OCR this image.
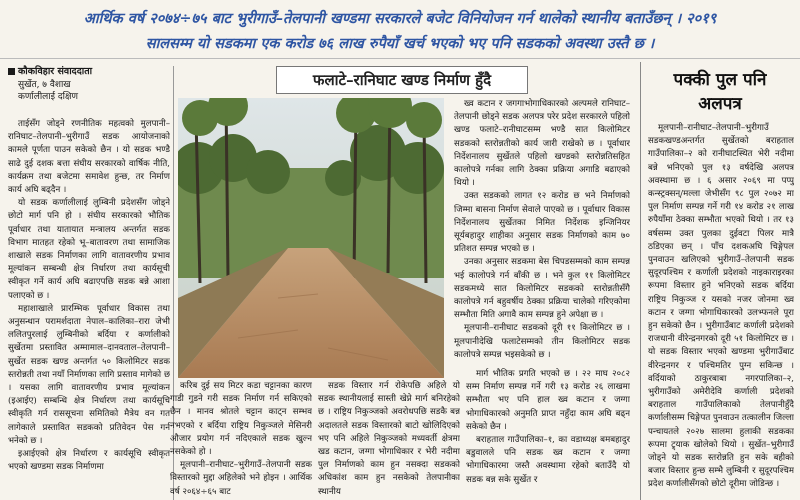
आर्थिक वर्ष २०७४÷७५ बाट भुरीगाउँ–तेलपानी खण्डमा सरकारले बजेट विनियोजन गर्न थालेको स्थानीय बताउँछन् । २०१९
सालसम्म यो सडकमा एक करोड ७६ लाख रुपैयाँ खर्च भएको भए पनि सडकको अवस्था उस्तै छ ।
कौकविहार संवाददाता
सुर्खेत, ७ वैशाख
कर्णालीलाई दक्षिण

ताईसँग जोड्ने रणनीतिक महत्वको मुलपानी–रानिघाट–तेलपानी–भुरीगाउँ सडक आयोजनाको कामले पूर्णता पाउन सकेको छैन । यो सडक भण्डै साढे दुई दशक बत्ता संघीय सरकारको वार्षिक नीति, कार्यक्रम तथा बजेटमा समावेश हुन्छ, तर निर्माण कार्य अघि बढ्दैन ।

यो सडक कर्णालीलाई लुम्बिनी प्रदेशसँग जोड्ने छोटो मार्ग पनि हो । संघीय सरकारको भौतिक पूर्वाधार तथा यातायात मन्त्रालय अन्तर्गत सडक विभाग मातहत रहेको भू–बातावरण तथा सामाजिक शाखाले सडक निर्माणका लागि वातावरणीय प्रभाव मूल्यांकन सम्बन्धी क्षेत्र निर्धारण तथा कार्यसूची स्वीकृत गर्ने कार्य अघि बढाएपछि सडक बन्ने आशा पलाएको छ ।

महाशाखाले प्रारम्भिक पूर्वाधार विकास तथा अनुसन्धान परामर्शदाता नेपाल–कालिका–रारा जेभी ललितपुरलाई लुम्बिनीको बर्दिया र कर्णालीको सुर्खेतमा प्रस्तावित अम्मामाल–दानवताल–तेलपानी–सुर्खेत सडक खण्ड अन्तर्गत ५० किलोमिटर सडक स्तरोन्नती तथा नयाँ निर्माणका लागि प्रस्ताव मागेको छ । यसका लागि वातावरणीय प्रभाव मूल्यांकन (इआईए) सम्बन्धि क्षेत्र निर्धारण तथा कार्यसूचि स्वीकृति गर्न राससूचना समितिको मैत्रेय वन गत लागेकाले प्रस्तावित सडकको प्रतिवेदन पेस गर्न भनेको छ ।

इआईएको क्षेत्र निर्धारण र कार्यसूचि स्वीकृत भएको खण्डमा सडक निर्माणमा

फलाटे–रानिघाट खण्ड निर्माण हुँदै

ख्व कटान र जगगाभोगाधिकारको अल्पमले रानिघाट–तेलपानी छोड्ने सडक अलपत्र परेर प्रदेश सरकारले पहिलो खण्ड फलाटे–रानीघाटसम्म भण्डै सात किलोमिटर सडकको स्तरोन्नतीको कार्य जारी राखेको छ । पूर्वाधार निर्देशनालय सुर्खेतले पहिलो खण्डको स्तरोन्नतिसहित कालोपत्रे गर्नका लागि ठेक्का प्रक्रिया अगाडि बढाएको थियो ।

उक्त सडकको लागत १२ करोड छ भने निर्माणको जिम्मा बासना निर्माण सेवाले पाएको छ । पूर्वाधार विकास निर्देशनालय सुर्खेतका निमित निर्देशक इन्जिनियर सूर्यबहादुर शाहीका अनुसार सडक निर्माणको काम ७० प्रतिशत सम्पन्न भएको छ ।

उनका अनुसार सडकमा बेस चिपडसम्मको काम सम्पन्न भई कालोपत्रे गर्न बाँकी छ । भने कुल ११ किलोमिटर सडकमध्ये सात किलोमिटर सडकको स्तरोन्नतीसँगै कालोपत्रे गर्न बहुवर्षीय ठेक्का प्रक्रिया चालेको गरिएकोमा सम्भौता मिति अगावै काम सम्पन्न हुने अपेक्षा छ ।

मूलपानी–रानीघाट सडकको दूरी ११ किलोमिटर छ । मूलपानीदेखि फलाटेसम्मको तीन किलोमिटर सडक कालोपत्रे सम्पन्न भइसकेको छ ।

करिब दुई सय मिटर कडा चट्टानका कारण गाडी गुडने गरी सडक निर्माण गर्न सकिएको छैन । मानव श्रोतले चट्टान काट्न सम्भव नभएको र बर्दिया राष्ट्रिय निकुञ्जले मेसिनरी औजार प्रयोग गर्न नदिएकाले सडक खुल्न नसकेको हो ।

मूलपानी–रानीघाट–भुरीगाउँ–तेलपानी सडक विस्तारको मुद्दा अहिलेको भने होइन । आर्थिक वर्ष २०६४÷६५ बाट

सडक विस्तार गर्न रोकेपछि अहिले यो सडक स्थानीयलाई सास्ती खेप्ने मार्ग बनिरहेको छ । राष्ट्रिय निकुञ्जको अवरोधपछि सडकै बन्न अदालतले सडक विस्तारको बाटो खोलिदिएको भए पनि अहिले निकुञ्जको मध्यवर्ती क्षेत्रमा खड कटान, जग्गा भोगाधिकार र भेरी नदीमा पुल निर्माणको काम हुन नसक्दा सडकको अधिकांश काम हुन नसकेको तेलपानीका स्थानीय

मार्ग भौतिक प्रगति भएको छ । २२ माघ २०८२ सम्म निर्माण सम्पन्न गर्ने गरी १३ करोड २६ लाखमा सम्भौता भए पनि हाल ख्व कटान र जग्गा भोगाधिकारको अनुमति प्राप्त नहुँदा काम अघि बढ्न सकेको छैन ।

बराहताल गाउँपालिका–१, का वडाध्यक्ष बमबहादुर बडुवालले पनि सडक ख्व कटान र जग्गा भोगाधिकारमा जस्तै अवस्थामा रहेको बताउँदै यो सडक बन्न सके सुर्खेत र

पक्की पुल पनि
अलपत्र

मूलपानी–रानीघाट–तेलपानी–भुरीगाउँ सडकखण्डअन्तर्गत सुर्खेतको बराहताल गाउँपालिका–२ को रानीघाटस्थित भेरी नदीमा बन्ने भनिएको पुल १३ वर्षदेखि अलपत्र अवस्थामा छ । ६ असार २०६९ मा पप्पु कन्स्ट्रक्सन्/मल्ला जेभीसँग ९८ पुल २०७२ मा पुल निर्माण सम्पन्न गर्ने गरी १४ करोड २१ लाख रुपैयाँमा ठेक्का सम्भौता भएको थियो । तर १३ वर्षसम्म उक्त पुलका दुईवटा पिलर मात्रै ठडिएका छन् । पाँच दशकअघि चिङ्गेपल पुनवाउन खलिएको भुरीगाउँ–तेलपानी सडक सुदूरपश्चिम र कर्णाली प्रदेशको नाइकाराइरका रूपमा विस्तार हुने भनिएको सडक बर्दिया राष्ट्रिय निकुञ्ज र यसको नजर जोनमा ख्व कटान र जग्गा भोगाधिकारको उलभ्फनले पूरा हुन सकेको छैन । भुरीगाउँबाट कर्णाली प्रदेशको राजधानी वीरेन्द्रनगरको दूरी ५१ किलोमिटर छ । यो सडक विस्तार भएको खण्डमा भुरीगाउँबाट वीरेन्द्रनगर र पश्चिमतिर पुग्न सकिन्छ । वर्दियाको ठाकुरबाबा नगरपालिका–२, भुरीगाउँको अमेरीदेवि कर्णाली प्रदेशको बराहताल गाउँपालिकाको तेलपानीहुँदै कर्णालीसम्म चिङ्गेपत पुनवाउन तत्कालीन जिल्ला पन्चायतले २०२७ सालमा हुलाकी सडकका रूपमा ट्र्याक खोलेको थियो । सुर्खेत–भुरीगाउँ जोड्ने यो सडक स्तरोन्नति हुन सके बहीको बजार विस्तार हुन्छ सम्भै लुम्बिनी र सुदूरपश्चिम प्रदेश कर्णालीसँगको छोटो दूरीमा जोडिन्छ ।
